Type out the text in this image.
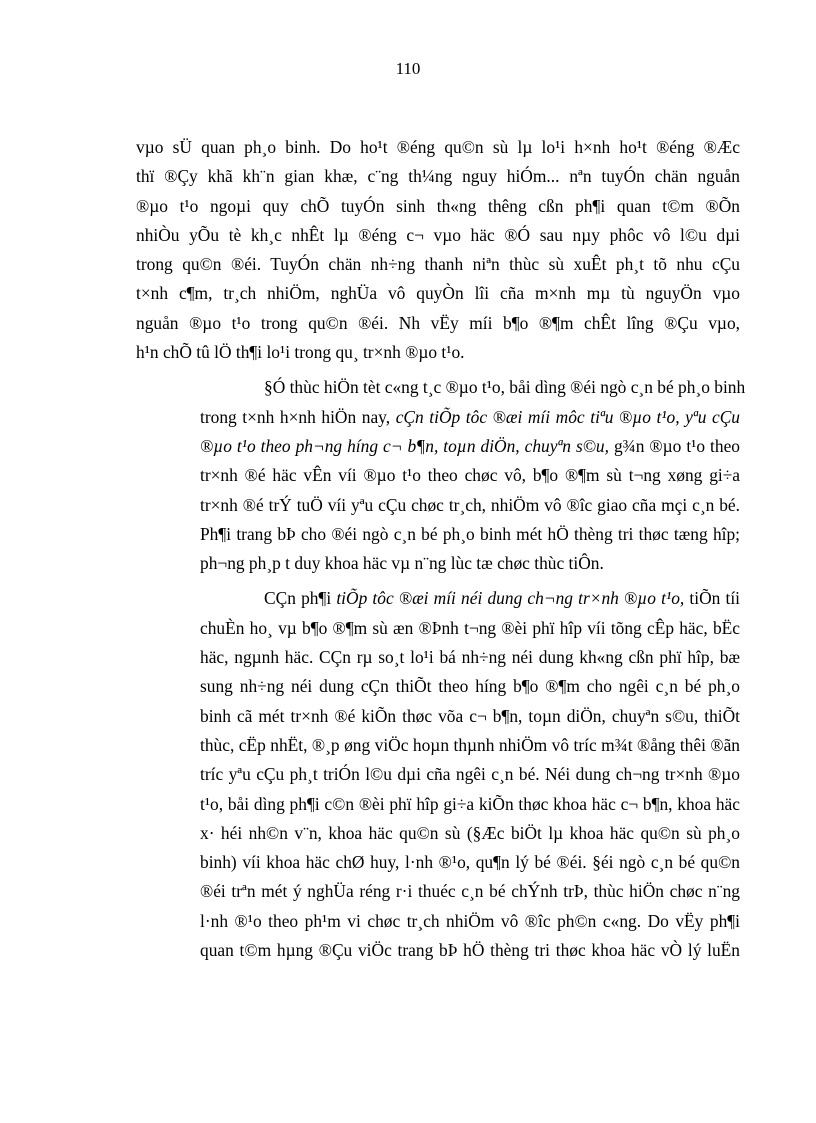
110
vµo sÜ quan ph¸o binh. Do ho¹t ®éng qu©n sù lµ lo¹i h×nh ho¹t ®éng ®Æc
thï ®Çy khã kh¨n gian khæ, c¨ng th¼ng nguy hiÓm... nªn tuyÓn chän nguån
®µo t¹o ngoµi quy chÕ tuyÓn sinh th«ng thêng cßn ph¶i quan t©m ®Õn
nhiÒu yÕu tè kh¸c nhÊt lµ ®éng c¬ vµo häc ®Ó sau nµy phôc vô l©u dµi
trong qu©n ®éi. TuyÓn chän nh÷ng thanh niªn thùc sù xuÊt ph¸t tõ nhu cÇu
t×nh c¶m, tr¸ch nhiÖm, nghÜa vô quyÒn lîi cña m×nh mµ tù nguyÖn vµo
nguån ®µo t¹o trong qu©n ®éi. Nh vËy míi b¶o ®¶m chÊt lîng ®Çu vµo,
h¹n chÕ tû lÖ th¶i lo¹i trong qu¸ tr×nh ®µo t¹o.
§Ó thùc hiÖn tèt c«ng t¸c ®µo t¹o, båi dìng ®éi ngò c¸n bé ph¸o binh
trong t×nh h×nh hiÖn nay, cÇn tiÕp tôc ®æi míi môc tiªu ®µo t¹o, yªu cÇu
®µo t¹o theo ph¬ng híng c¬ b¶n, toµn diÖn, chuyªn s©u, g¾n ®µo t¹o theo
tr×nh ®é häc vÊn víi ®µo t¹o theo chøc vô, b¶o ®¶m sù t¬ng xøng gi÷a
tr×nh ®é trÝ tuÖ víi yªu cÇu chøc tr¸ch, nhiÖm vô ®îc giao cña mçi c¸n bé.
Ph¶i trang bÞ cho ®éi ngò c¸n bé ph¸o binh mét hÖ thèng tri thøc tæng hîp;
ph¬ng ph¸p t duy khoa häc vµ n¨ng lùc tæ chøc thùc tiÔn.
CÇn ph¶i tiÕp tôc ®æi míi néi dung ch¬ng tr×nh ®µo t¹o, tiÕn tíi
chuÈn ho¸ vµ b¶o ®¶m sù æn ®Þnh t¬ng ®èi phï hîp víi tõng cÊp häc, bËc
häc, ngµnh häc. CÇn rµ so¸t lo¹i bá nh÷ng néi dung kh«ng cßn phï hîp, bæ
sung nh÷ng néi dung cÇn thiÕt theo híng b¶o ®¶m cho ngêi c¸n bé ph¸o
binh cã mét tr×nh ®é kiÕn thøc võa c¬ b¶n, toµn diÖn, chuyªn s©u, thiÕt
thùc, cËp nhËt, ®¸p øng viÖc hoµn thµnh nhiÖm vô tríc m¾t ®ång thêi ®ãn
tríc yªu cÇu ph¸t triÓn l©u dµi cña ngêi c¸n bé. Néi dung ch¬ng tr×nh ®µo
t¹o, båi dìng ph¶i c©n ®èi phï hîp gi÷a kiÕn thøc khoa häc c¬ b¶n, khoa häc
x· héi nh©n v¨n, khoa häc qu©n sù (§Æc biÖt lµ khoa häc qu©n sù ph¸o
binh) víi khoa häc chØ huy, l·nh ®¹o, qu¶n lý bé ®éi. §éi ngò c¸n bé qu©n
®éi trªn mét ý nghÜa réng r·i thuéc c¸n bé chÝnh trÞ, thùc hiÖn chøc n¨ng
l·nh ®¹o theo ph¹m vi chøc tr¸ch nhiÖm vô ®îc ph©n c«ng. Do vËy ph¶i
quan t©m hµng ®Çu viÖc trang bÞ hÖ thèng tri thøc khoa häc vÒ lý luËn
